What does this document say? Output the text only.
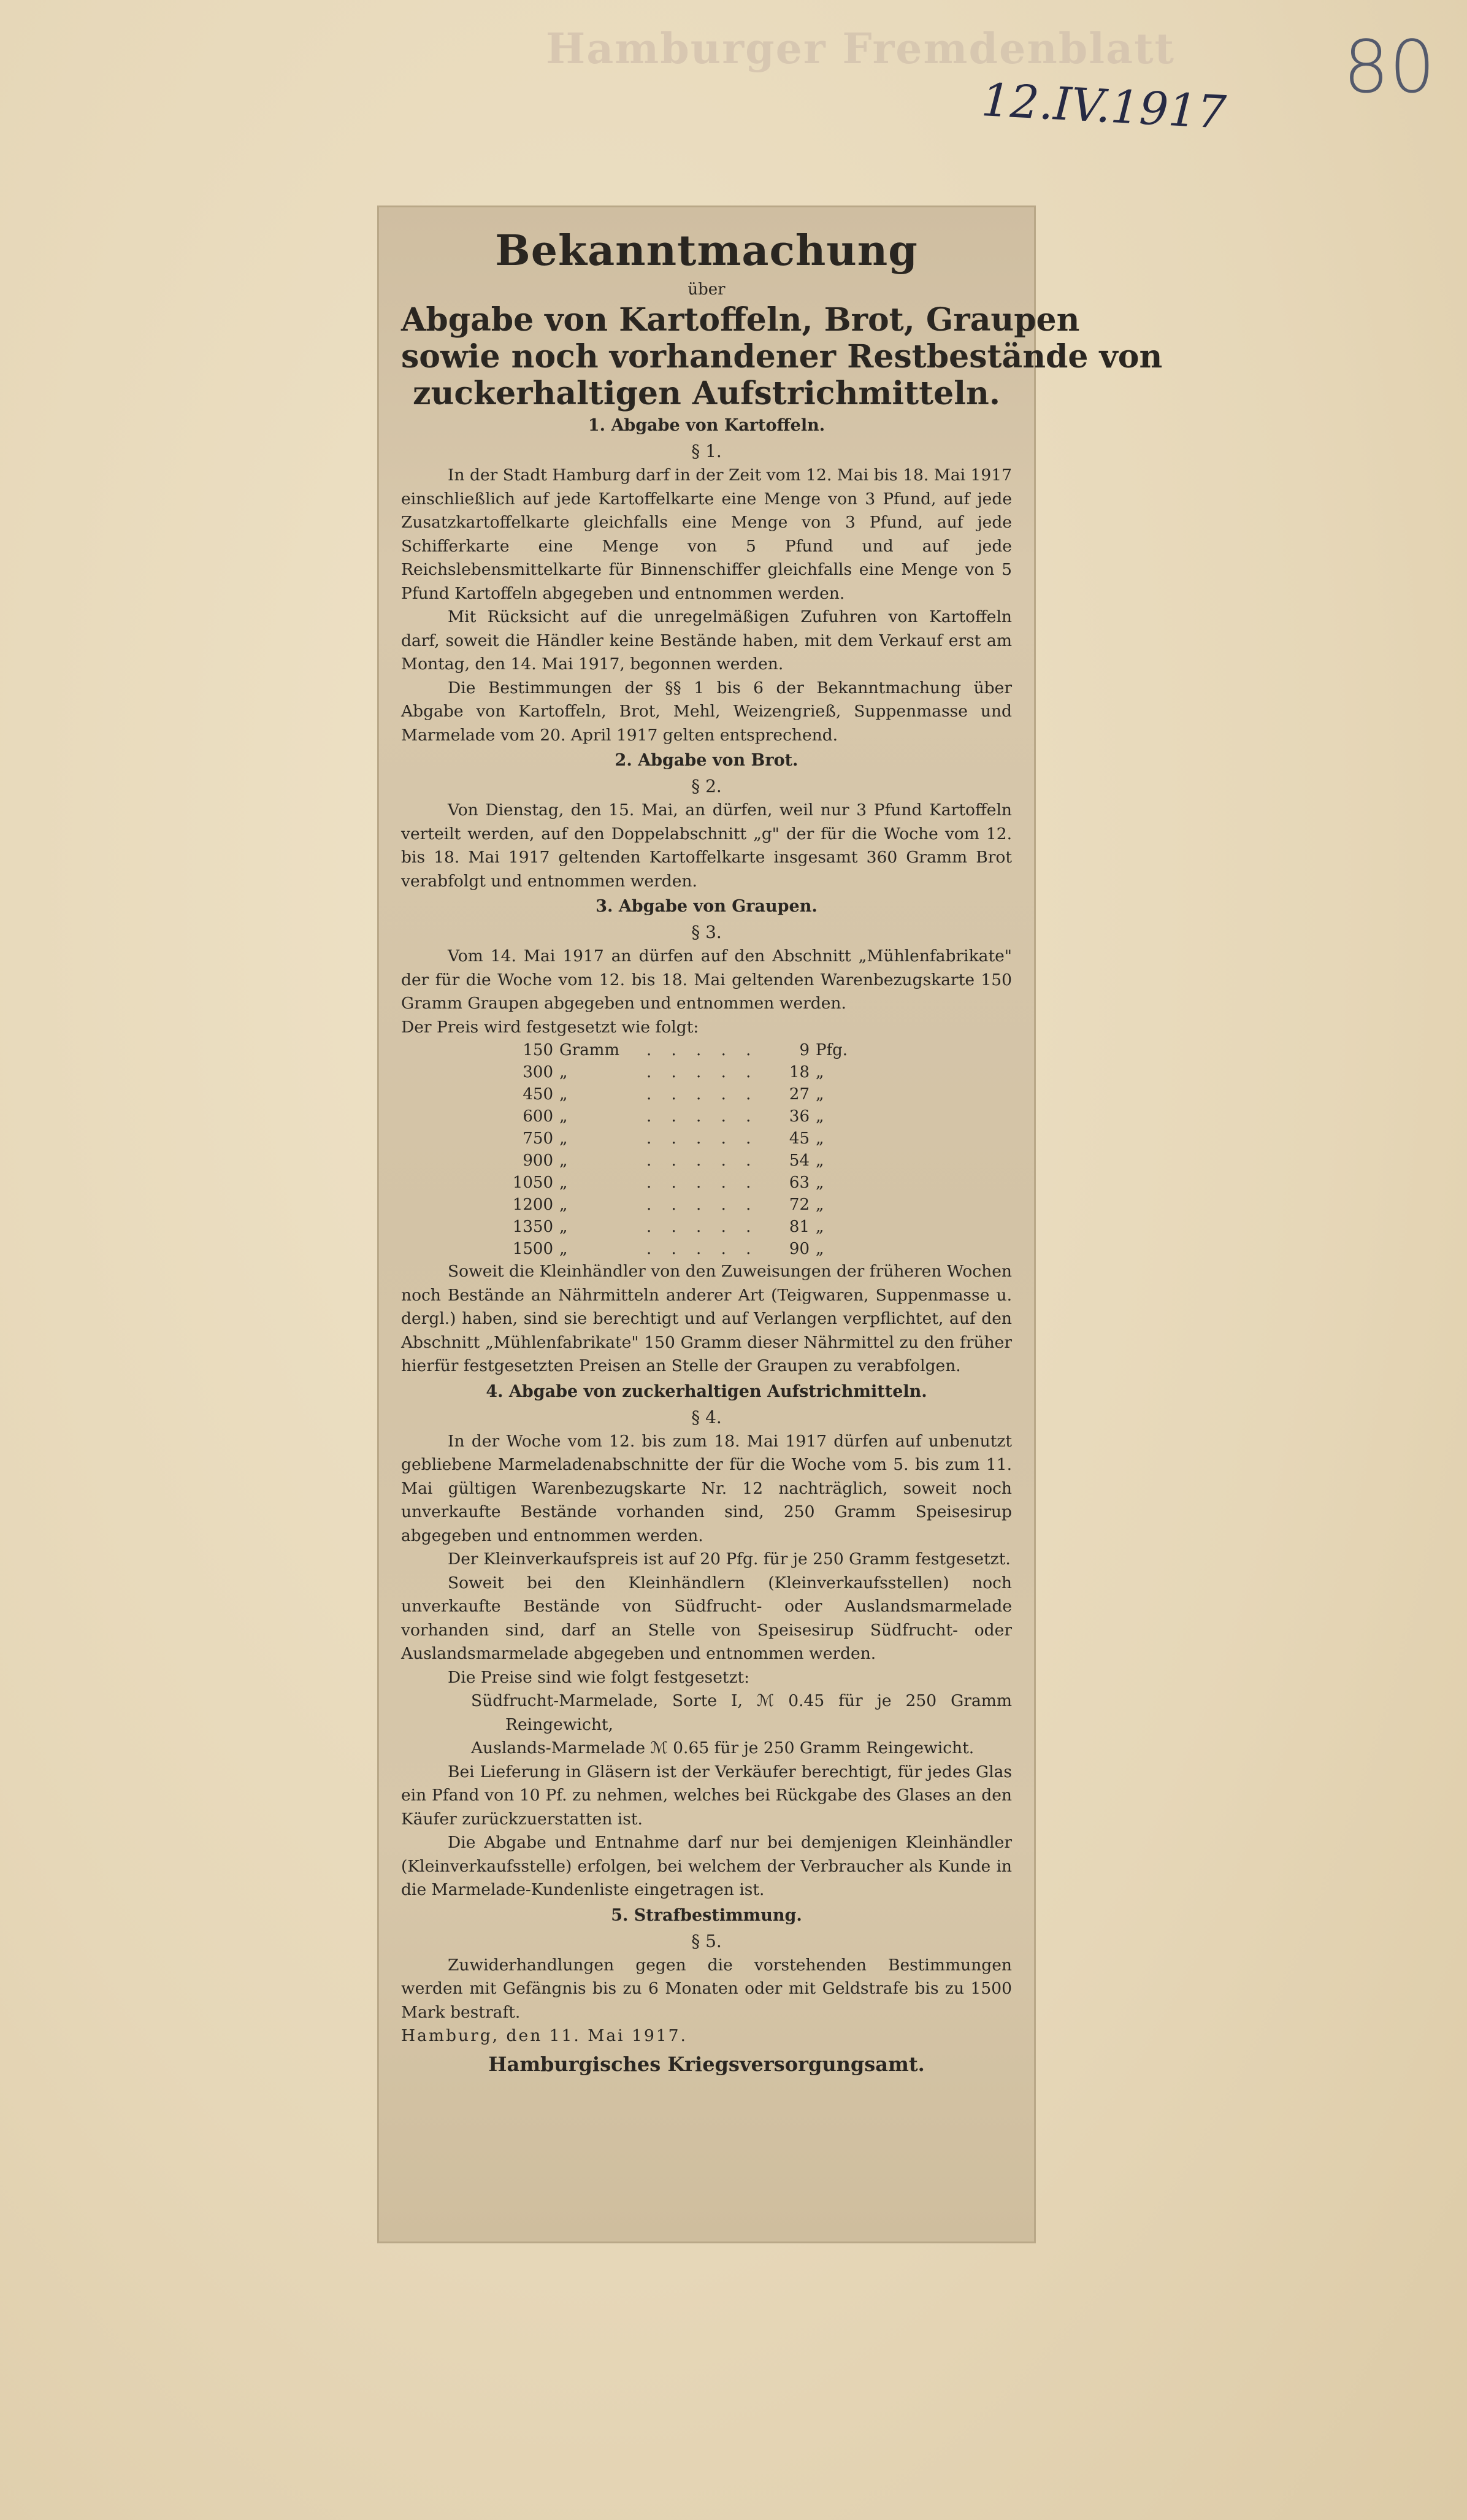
Hamburger Fremdenblatt
12.IV.1917 80
Bekanntmachung
über
Abgabe von Kartoffeln, Brot, Graupen
sowie noch vorhandener Restbestände von
zuckerhaltigen Aufstrichmitteln.
1. Abgabe von Kartoffeln.
§ 1.

In der Stadt Hamburg darf in der Zeit vom 12. Mai bis 18. Mai 1917 einschließlich auf jede Kartoffelkarte eine Menge von 3 Pfund, auf jede Zusatzkartoffelkarte gleichfalls eine Menge von 3 Pfund, auf jede Schifferkarte eine Menge von 5 Pfund und auf jede Reichslebensmittelkarte für Binnenschiffer gleichfalls eine Menge von 5 Pfund Kartoffeln abgegeben und entnommen werden.

Mit Rücksicht auf die unregelmäßigen Zufuhren von Kartoffeln darf, soweit die Händler keine Bestände haben, mit dem Verkauf erst am Montag, den 14. Mai 1917, begonnen werden.

Die Bestimmungen der §§ 1 bis 6 der Bekanntmachung über Abgabe von Kartoffeln, Brot, Mehl, Weizengrieß, Suppenmasse und Marmelade vom 20. April 1917 gelten entsprechend.

2. Abgabe von Brot.
§ 2.

Von Dienstag, den 15. Mai, an dürfen, weil nur 3 Pfund Kartoffeln verteilt werden, auf den Doppelabschnitt „g" der für die Woche vom 12. bis 18. Mai 1917 geltenden Kartoffelkarte insgesamt 360 Gramm Brot verabfolgt und entnommen werden.

3. Abgabe von Graupen.
§ 3.

Vom 14. Mai 1917 an dürfen auf den Abschnitt „Mühlenfabrikate" der für die Woche vom 12. bis 18. Mai geltenden Warenbezugskarte 150 Gramm Graupen abgegeben und entnommen werden.

Der Preis wird festgesetzt wie folgt:

150	Gramm	. . . . .	9	Pfg.
300	„	. . . . .	18	„
450	„	. . . . .	27	„
600	„	. . . . .	36	„
750	„	. . . . .	45	„
900	„	. . . . .	54	„
1050	„	. . . . .	63	„
1200	„	. . . . .	72	„
1350	„	. . . . .	81	„
1500	„	. . . . .	90	„

Soweit die Kleinhändler von den Zuweisungen der früheren Wochen noch Bestände an Nährmitteln anderer Art (Teigwaren, Suppenmasse u. dergl.) haben, sind sie berechtigt und auf Verlangen verpflichtet, auf den Abschnitt „Mühlenfabrikate" 150 Gramm dieser Nährmittel zu den früher hierfür festgesetzten Preisen an Stelle der Graupen zu verabfolgen.

4. Abgabe von zuckerhaltigen Aufstrichmitteln.
§ 4.

In der Woche vom 12. bis zum 18. Mai 1917 dürfen auf unbenutzt gebliebene Marmeladenabschnitte der für die Woche vom 5. bis zum 11. Mai gültigen Warenbezugskarte Nr. 12 nachträglich, soweit noch unverkaufte Bestände vorhanden sind, 250 Gramm Speisesirup abgegeben und entnommen werden.

Der Kleinverkaufspreis ist auf 20 Pfg. für je 250 Gramm festgesetzt.

Soweit bei den Kleinhändlern (Kleinverkaufsstellen) noch unverkaufte Bestände von Südfrucht- oder Auslandsmarmelade vorhanden sind, darf an Stelle von Speisesirup Südfrucht- oder Auslandsmarmelade abgegeben und entnommen werden.

Die Preise sind wie folgt festgesetzt:

Südfrucht-Marmelade, Sorte I, ℳ 0.45 für je 250 Gramm Reingewicht,

Auslands-Marmelade ℳ 0.65 für je 250 Gramm Reingewicht.

Bei Lieferung in Gläsern ist der Verkäufer berechtigt, für jedes Glas ein Pfand von 10 Pf. zu nehmen, welches bei Rückgabe des Glases an den Käufer zurückzuerstatten ist.

Die Abgabe und Entnahme darf nur bei demjenigen Kleinhändler (Kleinverkaufsstelle) erfolgen, bei welchem der Verbraucher als Kunde in die Marmelade-Kundenliste eingetragen ist.

5. Strafbestimmung.
§ 5.

Zuwiderhandlungen gegen die vorstehenden Bestimmungen werden mit Gefängnis bis zu 6 Monaten oder mit Geldstrafe bis zu 1500 Mark bestraft.

Hamburg, den 11. Mai 1917.

Hamburgisches Kriegsversorgungsamt.
